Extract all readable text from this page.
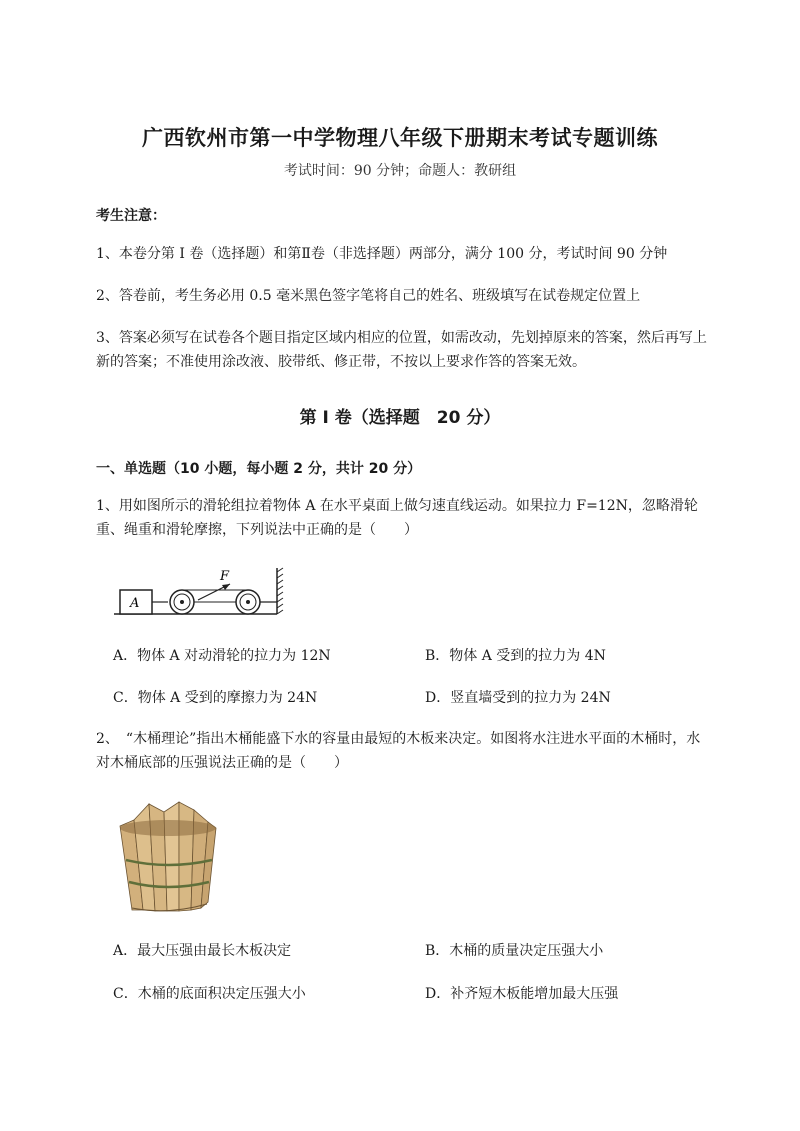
广西钦州市第一中学物理八年级下册期末考试专题训练
考试时间：90 分钟；命题人：教研组
考生注意：
1、本卷分第 I 卷（选择题）和第Ⅱ卷（非选择题）两部分，满分 100 分，考试时间 90 分钟
2、答卷前，考生务必用 0.5 毫米黑色签字笔将自己的姓名、班级填写在试卷规定位置上
3、答案必须写在试卷各个题目指定区域内相应的位置，如需改动，先划掉原来的答案，然后再写上新的答案；不准使用涂改液、胶带纸、修正带，不按以上要求作答的答案无效。
第 I 卷（选择题　20 分）
一、单选题（10 小题，每小题 2 分，共计 20 分）
1、用如图所示的滑轮组拉着物体 A 在水平桌面上做匀速直线运动。如果拉力 F=12N，忽略滑轮重、绳重和滑轮摩擦，下列说法中正确的是（　　）
A
F
A．物体 A 对动滑轮的拉力为 12N	B．物体 A 受到的拉力为 4N
C．物体 A 受到的摩擦力为 24N	D．竖直墙受到的拉力为 24N
2、　“木桶理论”指出木桶能盛下水的容量由最短的木板来决定。如图将水注进水平面的木桶时，水对木桶底部的压强说法正确的是（　　）
A．最大压强由最长木板决定	B．木桶的质量决定压强大小
C．木桶的底面积决定压强大小	D．补齐短木板能增加最大压强
